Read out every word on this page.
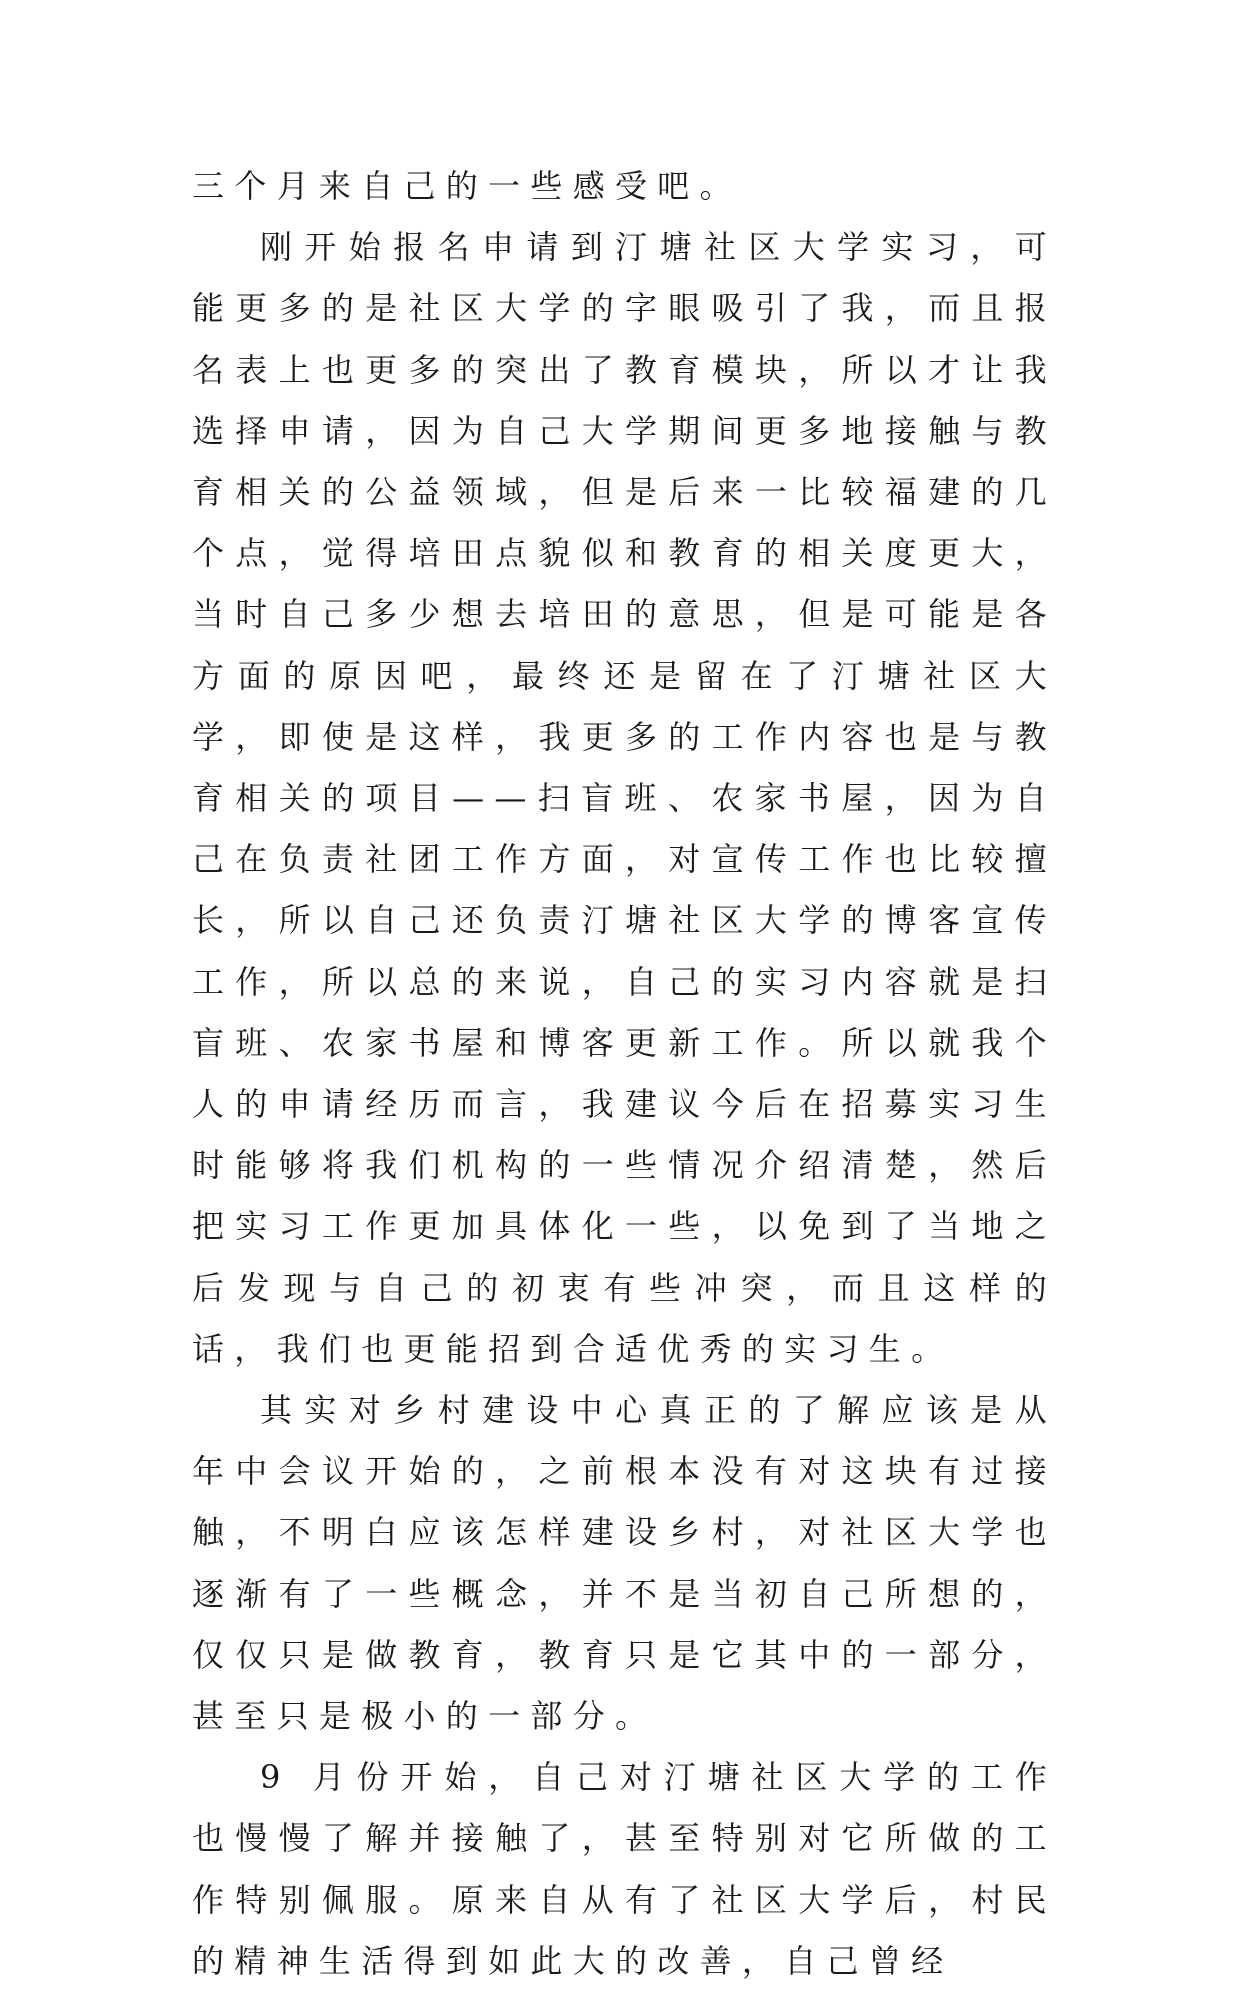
三个月来自己的一些感受吧。

刚开始报名申请到汀塘社区大学实习，可能更多的是社区大学的字眼吸引了我，而且报名表上也更多的突出了教育模块，所以才让我选择申请，因为自己大学期间更多地接触与教育相关的公益领域，但是后来一比较福建的几个点，觉得培田点貌似和教育的相关度更大，当时自己多少想去培田的意思，但是可能是各方面的原因吧，最终还是留在了汀塘社区大学，即使是这样，我更多的工作内容也是与教育相关的项目——扫盲班、农家书屋，因为自己在负责社团工作方面，对宣传工作也比较擅长，所以自己还负责汀塘社区大学的博客宣传工作，所以总的来说，自己的实习内容就是扫盲班、农家书屋和博客更新工作。所以就我个人的申请经历而言，我建议今后在招募实习生时能够将我们机构的一些情况介绍清楚，然后把实习工作更加具体化一些，以免到了当地之后发现与自己的初衷有些冲突，而且这样的话，我们也更能招到合适优秀的实习生。

其实对乡村建设中心真正的了解应该是从年中会议开始的，之前根本没有对这块有过接触，不明白应该怎样建设乡村，对社区大学也逐渐有了一些概念，并不是当初自己所想的，仅仅只是做教育，教育只是它其中的一部分，甚至只是极小的一部分。

9 月份开始，自己对汀塘社区大学的工作也慢慢了解并接触了，甚至特别对它所做的工作特别佩服。原来自从有了社区大学后，村民的精神生活得到如此大的改善，自己曾经
